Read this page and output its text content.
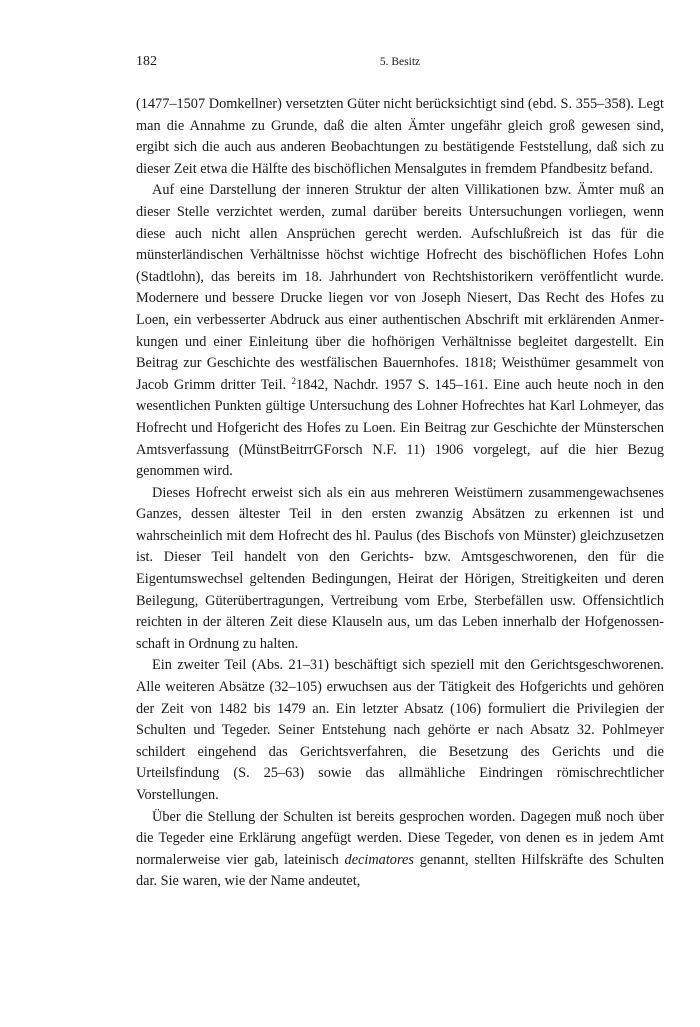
182	5. Besitz

(1477–1507 Domkellner) versetzten Güter nicht berücksichtigt sind (ebd. S. 355–358). Legt man die Annahme zu Grunde, daß die alten Ämter ungefähr gleich groß gewesen sind, ergibt sich die auch aus anderen Beobachtungen zu bestätigende Feststellung, daß sich zu dieser Zeit etwa die Hälfte des bischöflichen Mensalgutes in fremdem Pfandbesitz befand.

Auf eine Darstellung der inneren Struktur der alten Villikationen bzw. Ämter muß an dieser Stelle verzichtet werden, zumal darüber bereits Untersuchungen vorliegen, wenn diese auch nicht allen Ansprüchen gerecht werden. Aufschlußreich ist das für die münsterländischen Verhältnisse höchst wichtige Hofrecht des bischöflichen Hofes Lohn (Stadtlohn), das bereits im 18. Jahrhundert von Rechtshistorikern veröffentlicht wurde. Modernere und bessere Drucke liegen vor von Joseph Niesert, Das Recht des Hofes zu Loen, ein verbesserter Abdruck aus einer authentischen Abschrift mit erklärenden Anmerkungen und einer Einleitung über die hofhörigen Verhältnisse begleitet dargestellt. Ein Beitrag zur Geschichte des westfälischen Bauernhofes. 1818; Weisthümer gesammelt von Jacob Grimm dritter Teil. $^2$1842, Nachdr. 1957 S. 145–161. Eine auch heute noch in den wesentlichen Punkten gültige Untersuchung des Lohner Hofrechtes hat Karl Lohmeyer, das Hofrecht und Hofgericht des Hofes zu Loen. Ein Beitrag zur Geschichte der Münsterschen Amtsverfassung (MünstBeitrrGForsch N.F. 11) 1906 vorgelegt, auf die hier Bezug genommen wird.

Dieses Hofrecht erweist sich als ein aus mehreren Weistümern zusammengewachsenes Ganzes, dessen ältester Teil in den ersten zwanzig Absätzen zu erkennen ist und wahrscheinlich mit dem Hofrecht des hl. Paulus (des Bischofs von Münster) gleichzusetzen ist. Dieser Teil handelt von den Gerichts- bzw. Amtsgeschworenen, den für die Eigentumswechsel geltenden Bedingungen, Heirat der Hörigen, Streitigkeiten und deren Beilegung, Güterübertragungen, Vertreibung vom Erbe, Sterbefällen usw. Offensichtlich reichten in der älteren Zeit diese Klauseln aus, um das Leben innerhalb der Hofgenossenschaft in Ordnung zu halten.

Ein zweiter Teil (Abs. 21–31) beschäftigt sich speziell mit den Gerichtsgeschworenen. Alle weiteren Absätze (32–105) erwuchsen aus der Tätigkeit des Hofgerichts und gehören der Zeit von 1482 bis 1479 an. Ein letzter Absatz (106) formuliert die Privilegien der Schulten und Tegeder. Seiner Entstehung nach gehörte er nach Absatz 32. Pohlmeyer schildert eingehend das Gerichtsverfahren, die Besetzung des Gerichts und die Urteilsfindung (S. 25–63) sowie das allmähliche Eindringen römischrechtlicher Vorstellungen.

Über die Stellung der Schulten ist bereits gesprochen worden. Dagegen muß noch über die Tegeder eine Erklärung angefügt werden. Diese Tegeder, von denen es in jedem Amt normalerweise vier gab, lateinisch decimatores genannt, stellten Hilfskräfte des Schulten dar. Sie waren, wie der Name andeutet,
